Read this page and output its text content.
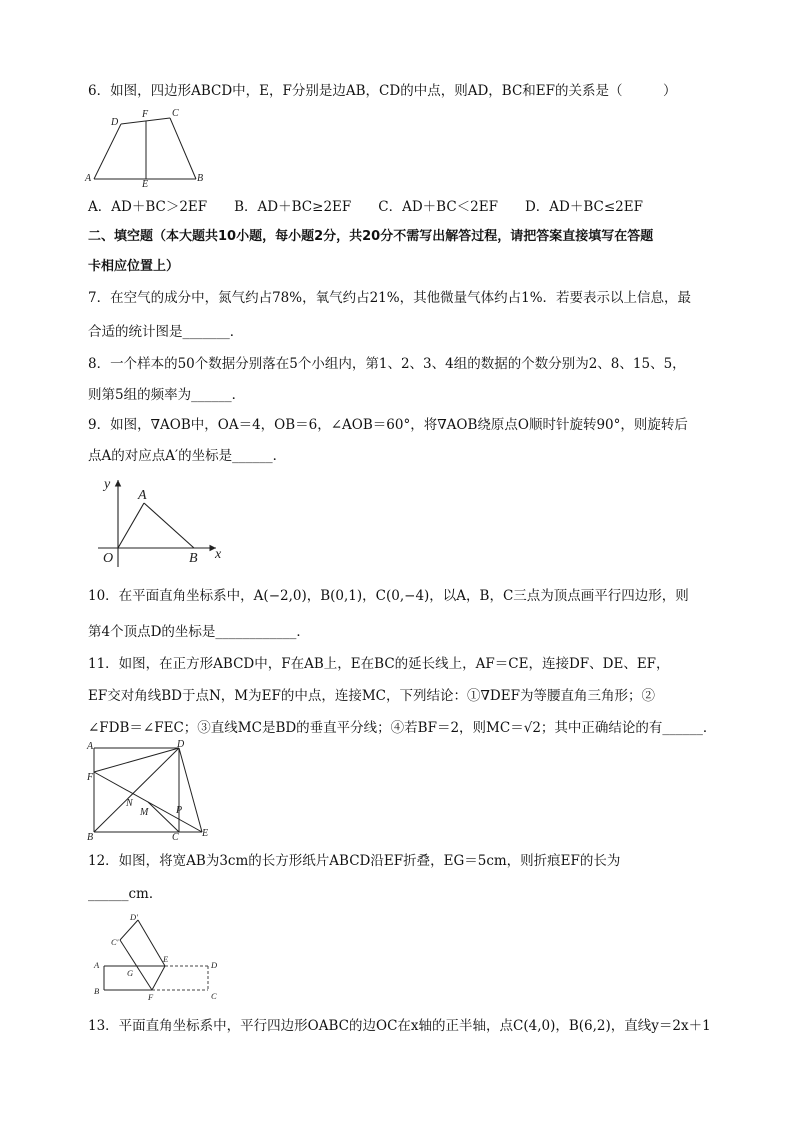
6．如图，四边形ABCD中，E，F分别是边AB，CD的中点，则AD，BC和EF的关系是（　　　）
D
F C
A
E
B
A．AD＋BC＞2EF　　B．AD＋BC≥2EF　　C．AD＋BC＜2EF　　D．AD＋BC≤2EF
二、填空题（本大题共10小题，每小题2分，共20分不需写出解答过程，请把答案直接填写在答题
卡相应位置上）
7．在空气的成分中，氮气约占78%，氧气约占21%，其他微量气体约占1%．若要表示以上信息，最
合适的统计图是_______．
8．一个样本的50个数据分别落在5个小组内，第1、2、3、4组的数据的个数分别为2、8、15、5，
则第5组的频率为______．
9．如图，∇AOB中，OA＝4，OB＝6，∠AOB＝60°，将∇AOB绕原点O顺时针旋转90°，则旋转后
点A的对应点A′的坐标是______．
y
A
O	B x
10．在平面直角坐标系中，A(−2,0)，B(0,1)，C(0,−4)，以A，B，C三点为顶点画平行四边形，则
第4个顶点D的坐标是____________．
11．如图，在正方形ABCD中，F在AB上，E在BC的延长线上，AF＝CE，连接DF、DE、EF，
EF交对角线BD于点N，M为EF的中点，连接MC，下列结论：①∇DEF为等腰直角三角形；②
∠FDB＝∠FEC；③直线MC是BD的垂直平分线；④若BF＝2，则MC＝√2；其中正确结论的有______．
A	D
F
N
M	P
B	C E
12．如图，将宽AB为3cm的长方形纸片ABCD沿EF折叠，EG＝5cm，则折痕EF的长为
______cm．
D′
C′
A
G
E
D
B
F	C
13．平面直角坐标系中，平行四边形OABC的边OC在x轴的正半轴，点C(4,0)，B(6,2)，直线y＝2x＋1
